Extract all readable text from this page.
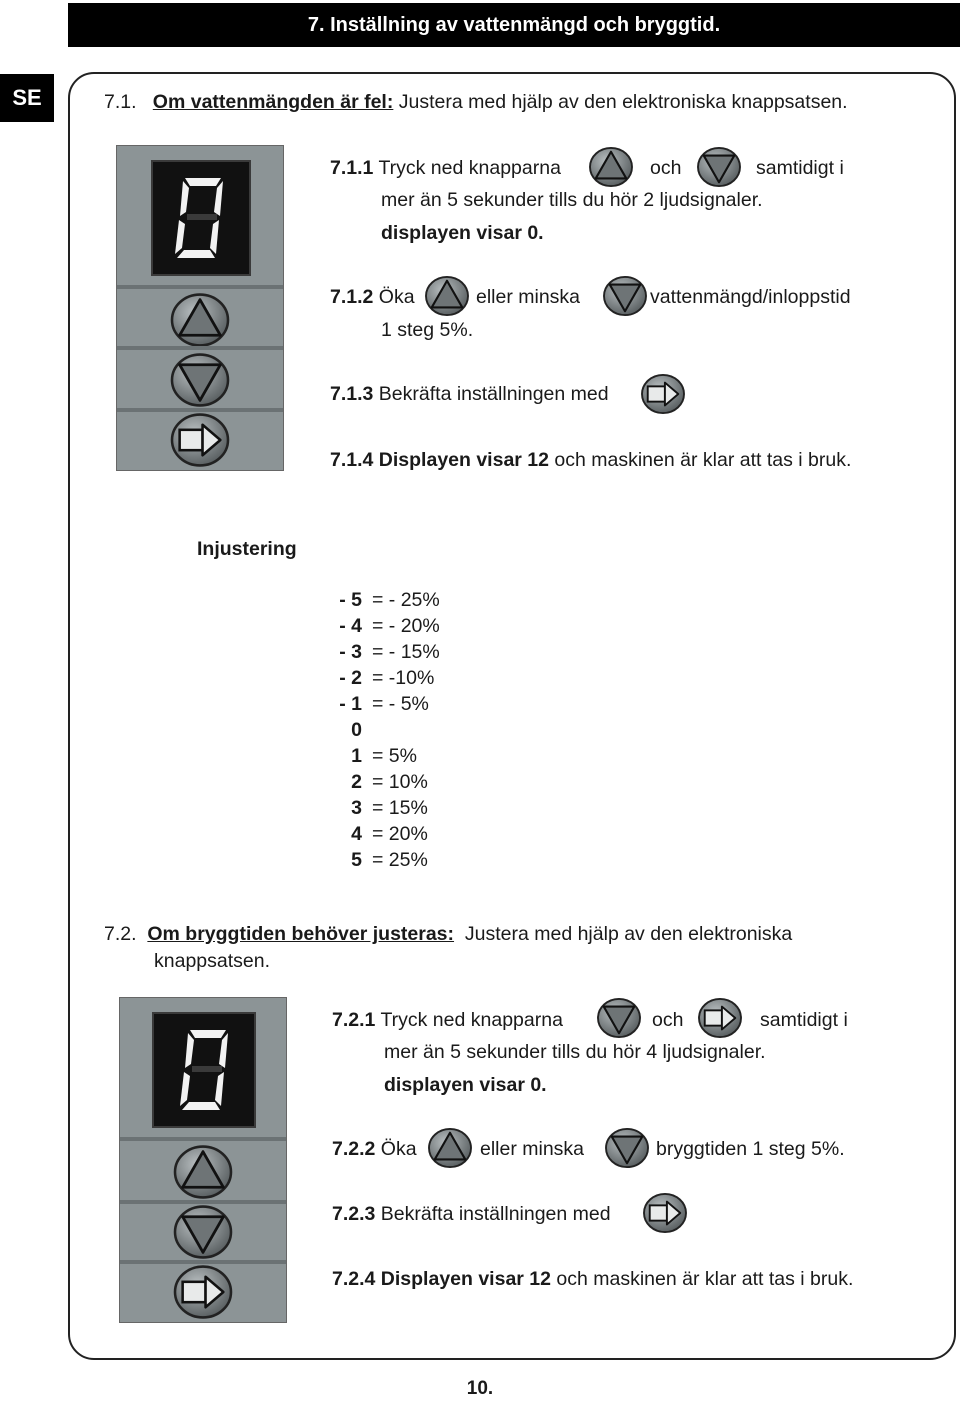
7. Inställning av vattenmängd och bryggtid.
SE	7.1. Om vattenmängden är fel: Justera med hjälp av den elektroniska knappsatsen.
7.1.1 Tryck ned knapparna	och	samtidigt i
mer än 5 sekunder tills du hör 2 ljudsignaler.
displayen visar 0.
7.1.2 Öka	eller minska	vattenmängd/inloppstid
1 steg 5%.
7.1.3 Bekräfta inställningen med
7.1.4 Displayen visar 12 och maskinen är klar att tas i bruk.
Injustering
- 5 = - 25%
- 4 = - 20%
- 3 = - 15%
- 2 = -10%
- 1 = - 5%
0
1 = 5%
2 = 10%
3 = 15%
4 = 20%
5 = 25%
7.2. Om bryggtiden behöver justeras: Justera med hjälp av den elektroniska
knappsatsen.
7.2.1 Tryck ned knapparna	och	samtidigt i
mer än 5 sekunder tills du hör 4 ljudsignaler.
displayen visar 0.
7.2.2 Öka	eller minska	bryggtiden 1 steg 5%.
7.2.3 Bekräfta inställningen med
7.2.4 Displayen visar 12 och maskinen är klar att tas i bruk.
10.
